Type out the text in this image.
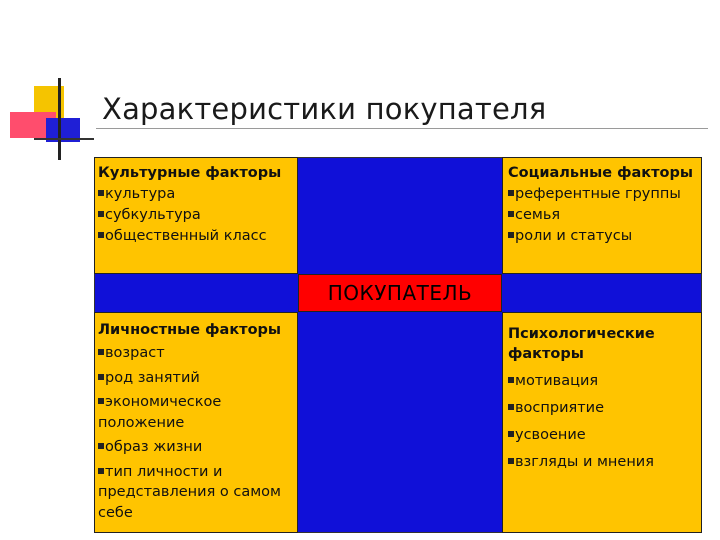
Характеристики покупателя
ПОКУПАТЕЛЬ
Культурные факторы
культура
субкультура
общественный класс
Социальные факторы
референтные группы
семья
роли и статусы
Личностные факторы
возраст
род занятий
экономическое положение
образ жизни
тип личности и представления о самом себе
Психологические факторы
мотивация
восприятие
усвоение
взгляды и мнения
